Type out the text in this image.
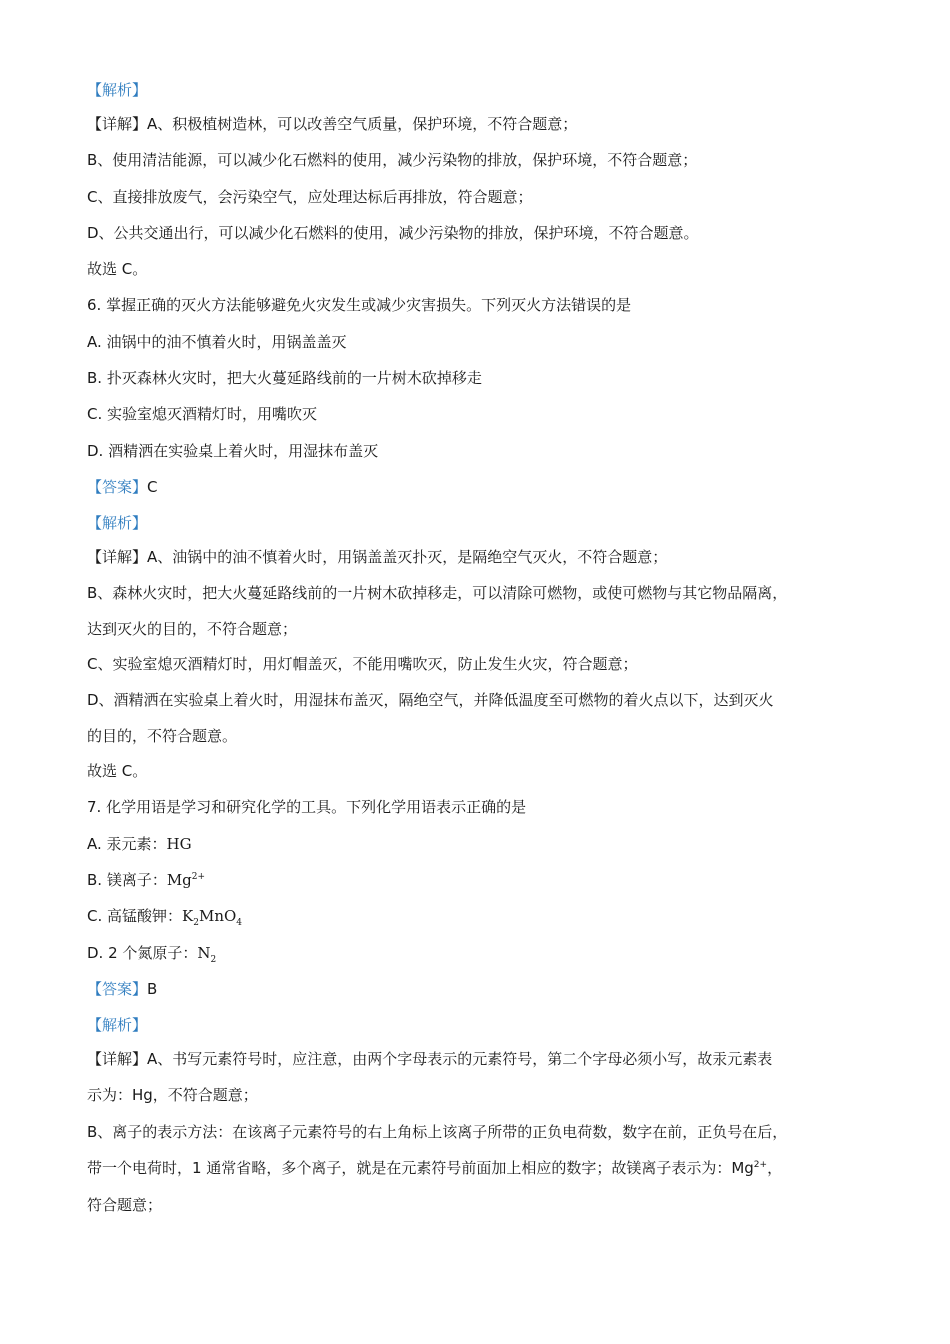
【解析】
【详解】A、积极植树造林，可以改善空气质量，保护环境，不符合题意；
B、使用清洁能源，可以减少化石燃料的使用，减少污染物的排放，保护环境，不符合题意；
C、直接排放废气，会污染空气，应处理达标后再排放，符合题意；
D、公共交通出行，可以减少化石燃料的使用，减少污染物的排放，保护环境，不符合题意。
故选 C。
6. 掌握正确的灭火方法能够避免火灾发生或减少灾害损失。下列灭火方法错误的是
A. 油锅中的油不慎着火时，用锅盖盖灭
B. 扑灭森林火灾时，把大火蔓延路线前的一片树木砍掉移走
C. 实验室熄灭酒精灯时，用嘴吹灭
D. 酒精洒在实验桌上着火时，用湿抹布盖灭
【答案】C
【解析】
【详解】A、油锅中的油不慎着火时，用锅盖盖灭扑灭，是隔绝空气灭火，不符合题意；
B、森林火灾时，把大火蔓延路线前的一片树木砍掉移走，可以清除可燃物，或使可燃物与其它物品隔离，
达到灭火的目的，不符合题意；
C、实验室熄灭酒精灯时，用灯帽盖灭，不能用嘴吹灭，防止发生火灾，符合题意；
D、酒精洒在实验桌上着火时，用湿抹布盖灭，隔绝空气，并降低温度至可燃物的着火点以下，达到灭火
的目的，不符合题意。
故选 C。
7. 化学用语是学习和研究化学的工具。下列化学用语表示正确的是
A. 汞元素：HG
B. 镁离子：$Mg^{2+}$
C. 高锰酸钾：$K_2MnO_4$
D. 2 个氮原子：$N_2$
【答案】B
【解析】
【详解】A、书写元素符号时，应注意，由两个字母表示的元素符号，第二个字母必须小写，故汞元素表
示为：Hg，不符合题意；
B、离子的表示方法：在该离子元素符号的右上角标上该离子所带的正负电荷数，数字在前，正负号在后，
带一个电荷时，1 通常省略，多个离子，就是在元素符号前面加上相应的数字；故镁离子表示为：$Mg^{2+}$，
符合题意；
